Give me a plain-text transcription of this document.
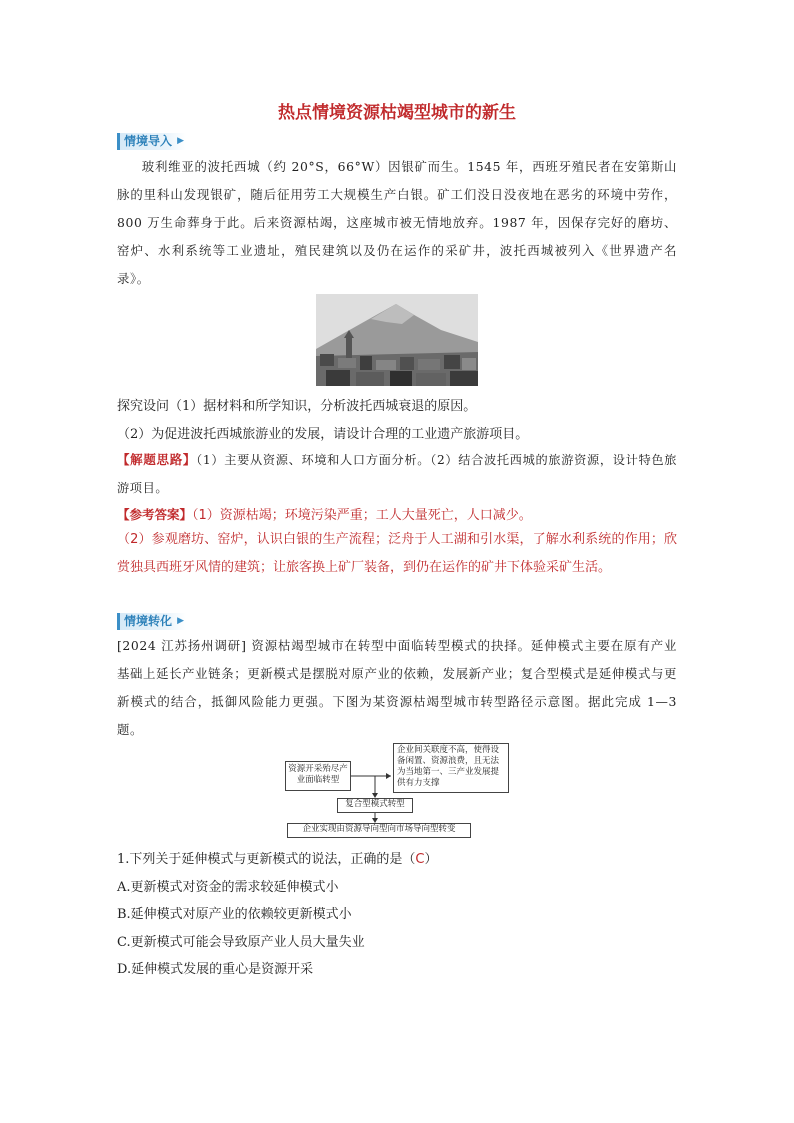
热点情境资源枯竭型城市的新生
情境导入 ▶

玻利维亚的波托西城（约 20°S，66°W）因银矿而生。1545 年，西班牙殖民者在安第斯山脉的里科山发现银矿，随后征用劳工大规模生产白银。矿工们没日没夜地在恶劣的环境中劳作，800 万生命葬身于此。后来资源枯竭，这座城市被无情地放弃。1987 年，因保存完好的磨坊、窑炉、水利系统等工业遗址，殖民建筑以及仍在运作的采矿井，波托西城被列入《世界遗产名录》。

探究设问（1）据材料和所学知识，分析波托西城衰退的原因。

（2）为促进波托西城旅游业的发展，请设计合理的工业遗产旅游项目。

【解题思路】（1）主要从资源、环境和人口方面分析。（2）结合波托西城的旅游资源，设计特色旅游项目。

【参考答案】（1）资源枯竭；环境污染严重；工人大量死亡，人口减少。

（2）参观磨坊、窑炉，认识白银的生产流程；泛舟于人工湖和引水渠，了解水利系统的作用；欣赏独具西班牙风情的建筑；让旅客换上矿厂装备，到仍在运作的矿井下体验采矿生活。

情境转化 ▶

[2024 江苏扬州调研] 资源枯竭型城市在转型中面临转型模式的抉择。延伸模式主要在原有产业基础上延长产业链条；更新模式是摆脱对原产业的依赖，发展新产业；复合型模式是延伸模式与更新模式的结合，抵御风险能力更强。下图为某资源枯竭型城市转型路径示意图。据此完成 1—3 题。

资源开采殆尽产业面临转型
企业间关联度不高，使得设备闲置、资源浪费，且无法为当地第一、三产业发展提供有力支撑
复合型模式转型
企业实现由资源导向型向市场导向型转变

1.下列关于延伸模式与更新模式的说法，正确的是（C）

A.更新模式对资金的需求较延伸模式小

B.延伸模式对原产业的依赖较更新模式小

C.更新模式可能会导致原产业人员大量失业

D.延伸模式发展的重心是资源开采
